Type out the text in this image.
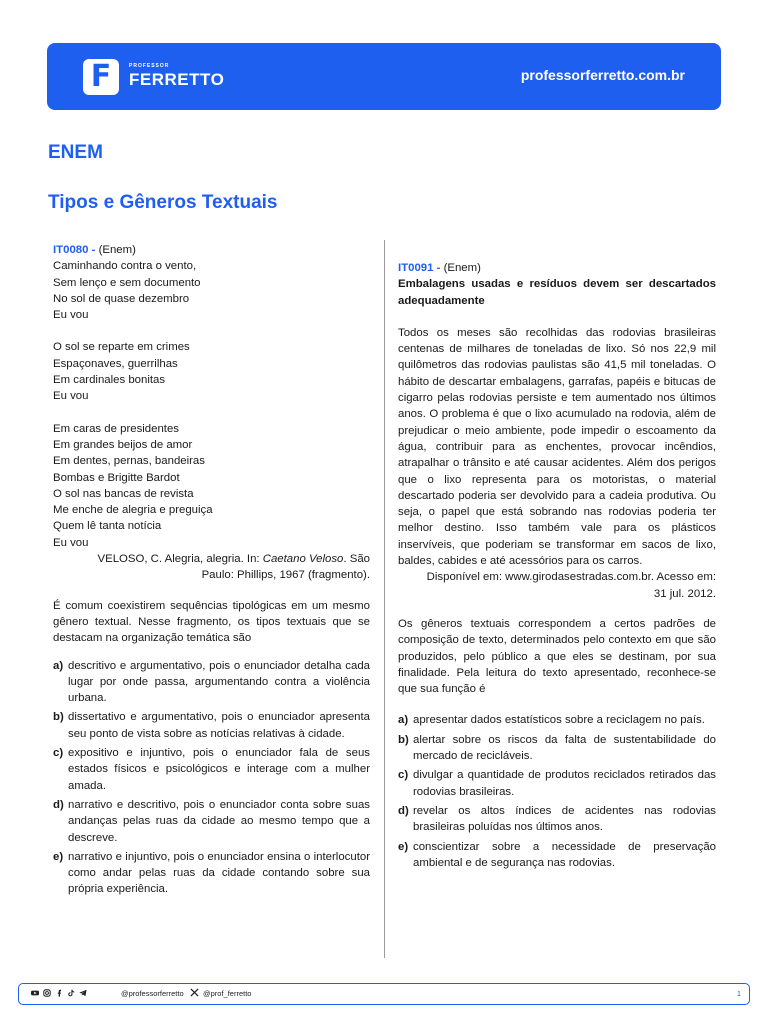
F	PROFESSOR
FERRETTO	professorferretto.com.br
ENEM
Tipos e Gêneros Textuais
IT0080 - (Enem)
Caminhando contra o vento,
Sem lenço e sem documento
No sol de quase dezembro
Eu vou
O sol se reparte em crimes
Espaçonaves, guerrilhas
Em cardinales bonitas
Eu vou
Em caras de presidentes
Em grandes beijos de amor
Em dentes, pernas, bandeiras
Bombas e Brigitte Bardot
O sol nas bancas de revista
Me enche de alegria e preguiça
Quem lê tanta notícia
Eu vou
VELOSO, C. Alegria, alegria. In: Caetano Veloso. São
Paulo: Phillips, 1967 (fragmento).

É comum coexistirem sequências tipológicas em um mesmo gênero textual. Nesse fragmento, os tipos textuais que se destacam na organização temática são

a) descritivo e argumentativo, pois o enunciador detalha cada lugar por onde passa, argumentando contra a violência urbana.
b) dissertativo e argumentativo, pois o enunciador apresenta seu ponto de vista sobre as notícias relativas à cidade.
c) expositivo e injuntivo, pois o enunciador fala de seus estados físicos e psicológicos e interage com a mulher amada.
d) narrativo e descritivo, pois o enunciador conta sobre suas andanças pelas ruas da cidade ao mesmo tempo que a descreve.
e) narrativo e injuntivo, pois o enunciador ensina o interlocutor como andar pelas ruas da cidade contando sobre sua própria experiência.
IT0091 - (Enem)

Embalagens usadas e resíduos devem ser descartados adequadamente

Todos os meses são recolhidas das rodovias brasileiras centenas de milhares de toneladas de lixo. Só nos 22,9 mil quilômetros das rodovias paulistas são 41,5 mil toneladas. O hábito de descartar embalagens, garrafas, papéis e bitucas de cigarro pelas rodovias persiste e tem aumentado nos últimos anos. O problema é que o lixo acumulado na rodovia, além de prejudicar o meio ambiente, pode impedir o escoamento da água, contribuir para as enchentes, provocar incêndios, atrapalhar o trânsito e até causar acidentes. Além dos perigos que o lixo representa para os motoristas, o material descartado poderia ser devolvido para a cadeia produtiva. Ou seja, o papel que está sobrando nas rodovias poderia ter melhor destino. Isso também vale para os plásticos inservíveis, que poderiam se transformar em sacos de lixo, baldes, cabides e até acessórios para os carros.

Disponível em: www.girodasestradas.com.br. Acesso em:
31 jul. 2012.

Os gêneros textuais correspondem a certos padrões de composição de texto, determinados pelo contexto em que são produzidos, pelo público a que eles se destinam, por sua finalidade. Pela leitura do texto apresentado, reconhece-se que sua função é

a) apresentar dados estatísticos sobre a reciclagem no país.
b) alertar sobre os riscos da falta de sustentabilidade do mercado de recicláveis.
c) divulgar a quantidade de produtos reciclados retirados das rodovias brasileiras.
d) revelar os altos índices de acidentes nas rodovias brasileiras poluídas nos últimos anos.
e) conscientizar sobre a necessidade de preservação ambiental e de segurança nas rodovias.
@professorferretto	@prof_ferretto	1
